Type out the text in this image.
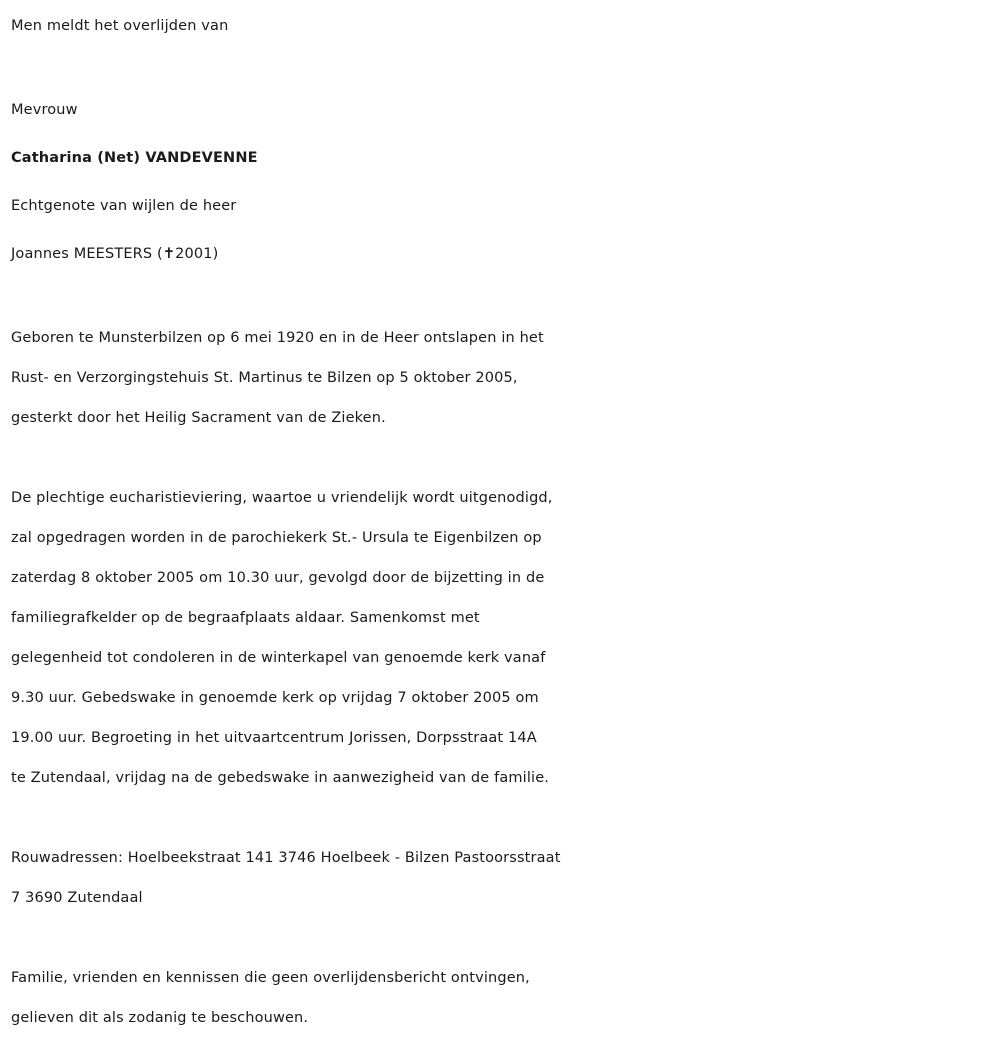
Men meldt het overlijden van
Mevrouw
Catharina (Net) VANDEVENNE
Echtgenote van wijlen de heer
Joannes MEESTERS (✝2001)
Geboren te Munsterbilzen op 6 mei 1920 en in de Heer ontslapen in het
Rust- en Verzorgingstehuis St. Martinus te Bilzen op 5 oktober 2005,
gesterkt door het Heilig Sacrament van de Zieken.
De plechtige eucharistieviering, waartoe u vriendelijk wordt uitgenodigd,
zal opgedragen worden in de parochiekerk St.- Ursula te Eigenbilzen op
zaterdag 8 oktober 2005 om 10.30 uur, gevolgd door de bijzetting in de
familiegrafkelder op de begraafplaats aldaar. Samenkomst met
gelegenheid tot condoleren in de winterkapel van genoemde kerk vanaf
9.30 uur. Gebedswake in genoemde kerk op vrijdag 7 oktober 2005 om
19.00 uur. Begroeting in het uitvaartcentrum Jorissen, Dorpsstraat 14A
te Zutendaal, vrijdag na de gebedswake in aanwezigheid van de familie.
Rouwadressen: Hoelbeekstraat 141 3746 Hoelbeek - Bilzen Pastoorsstraat
7 3690 Zutendaal
Familie, vrienden en kennissen die geen overlijdensbericht ontvingen,
gelieven dit als zodanig te beschouwen.
